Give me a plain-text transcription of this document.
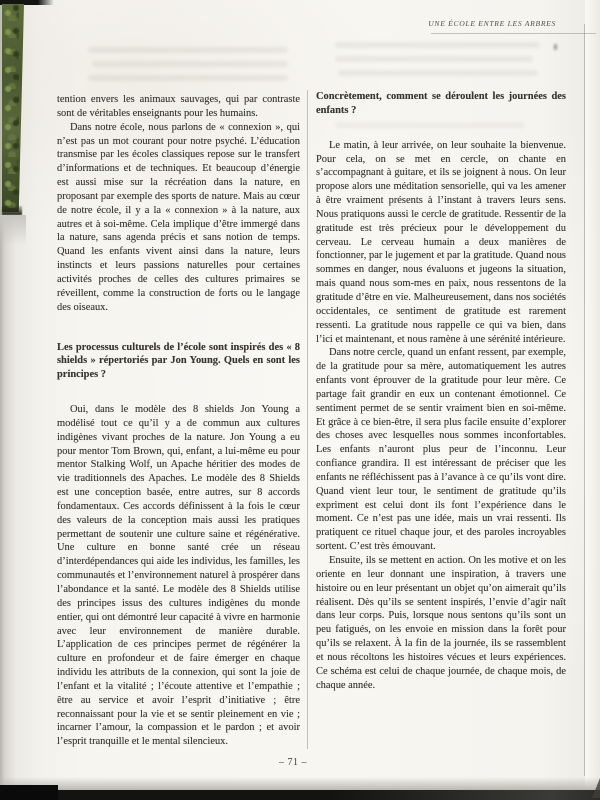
UNE ÉCOLE ENTRE LES ARBRES

tention envers les animaux sauvages, qui par contraste sont de véritables enseignants pour les humains.

Dans notre école, nous parlons de « connexion », qui n’est pas un mot courant pour notre psyché. L’éducation transmise par les écoles classiques repose sur le transfert d’informations et de techniques. Et beaucoup d’énergie est aussi mise sur la récréation dans la nature, en proposant par exemple des sports de nature. Mais au cœur de notre école, il y a la « connexion » à la nature, aux autres et à soi-même. Cela implique d’être immergé dans la nature, sans agenda précis et sans notion de temps. Quand les enfants vivent ainsi dans la nature, leurs instincts et leurs passions naturelles pour certaines activités proches de celles des cultures primaires se réveillent, comme la construction de forts ou le langage des oiseaux.

Les processus culturels de l’école sont inspirés des « 8 shields » répertoriés par Jon Young. Quels en sont les principes ?

Oui, dans le modèle des 8 shields Jon Young a modélisé tout ce qu’il y a de commun aux cultures indigènes vivant proches de la nature. Jon Young a eu pour mentor Tom Brown, qui, enfant, a lui-même eu pour mentor Stalking Wolf, un Apache héritier des modes de vie traditionnels des Apaches. Le modèle des 8 Shields est une conception basée, entre autres, sur 8 accords fondamentaux. Ces accords définissent à la fois le cœur des valeurs de la conception mais aussi les pratiques permettant de soutenir une culture saine et régénérative. Une culture en bonne santé crée un réseau d’interdépendances qui aide les individus, les familles, les communautés et l’environnement naturel à prospérer dans l’abondance et la santé. Le modèle des 8 Shields utilise des principes issus des cultures indigènes du monde entier, qui ont démontré leur capacité à vivre en harmonie avec leur environnement de manière durable. L’application de ces principes permet de régénérer la culture en profondeur et de faire émerger en chaque individu les attributs de la connexion, qui sont la joie de l’enfant et la vitalité ; l’écoute attentive et l’empathie ; être au service et avoir l’esprit d’initiative ; être reconnaissant pour la vie et se sentir pleinement en vie ; incarner l’amour, la compassion et le pardon ; et avoir l’esprit tranquille et le mental silencieux.

Concrètement, comment se déroulent les journées des enfants ?

Le matin, à leur arrivée, on leur souhaite la bienvenue. Pour cela, on se met en cercle, on chante en s’accompagnant à guitare, et ils se joignent à nous. On leur propose alors une méditation sensorielle, qui va les amener à être vraiment présents à l’instant à travers leurs sens. Nous pratiquons aussi le cercle de gratitude. Ressentir de la gratitude est très précieux pour le développement du cerveau. Le cerveau humain a deux manières de fonctionner, par le jugement et par la gratitude. Quand nous sommes en danger, nous évaluons et jugeons la situation, mais quand nous som-mes en paix, nous ressentons de la gratitude d’être en vie. Malheureusement, dans nos sociétés occidentales, ce sentiment de gratitude est rarement ressenti. La gratitude nous rappelle ce qui va bien, dans l’ici et maintenant, et nous ramène à une sérénité intérieure.

Dans notre cercle, quand un enfant ressent, par exemple, de la gratitude pour sa mère, automatiquement les autres enfants vont éprouver de la gratitude pour leur mère. Ce partage fait grandir en eux un contenant émotionnel. Ce sentiment permet de se sentir vraiment bien en soi-même. Et grâce à ce bien-être, il sera plus facile ensuite d’explorer des choses avec lesquelles nous sommes inconfortables. Les enfants n’auront plus peur de l’inconnu. Leur confiance grandira. Il est intéressant de préciser que les enfants ne réfléchissent pas à l’avance à ce qu’ils vont dire. Quand vient leur tour, le sentiment de gratitude qu’ils expriment est celui dont ils font l’expérience dans le moment. Ce n’est pas une idée, mais un vrai ressenti. Ils pratiquent ce rituel chaque jour, et des paroles incroyables sortent. C’est très émouvant.

Ensuite, ils se mettent en action. On les motive et on les oriente en leur donnant une inspiration, à travers une histoire ou en leur présentant un objet qu’on aimerait qu’ils réalisent. Dès qu’ils se sentent inspirés, l’envie d’agir naît dans leur corps. Puis, lorsque nous sentons qu’ils sont un peu fatigués, on les envoie en mission dans la forêt pour qu’ils se relaxent. À la fin de la journée, ils se rassemblent et nous récoltons les histoires vécues et leurs expériences. Ce schéma est celui de chaque journée, de chaque mois, de chaque année.

– 71 –
